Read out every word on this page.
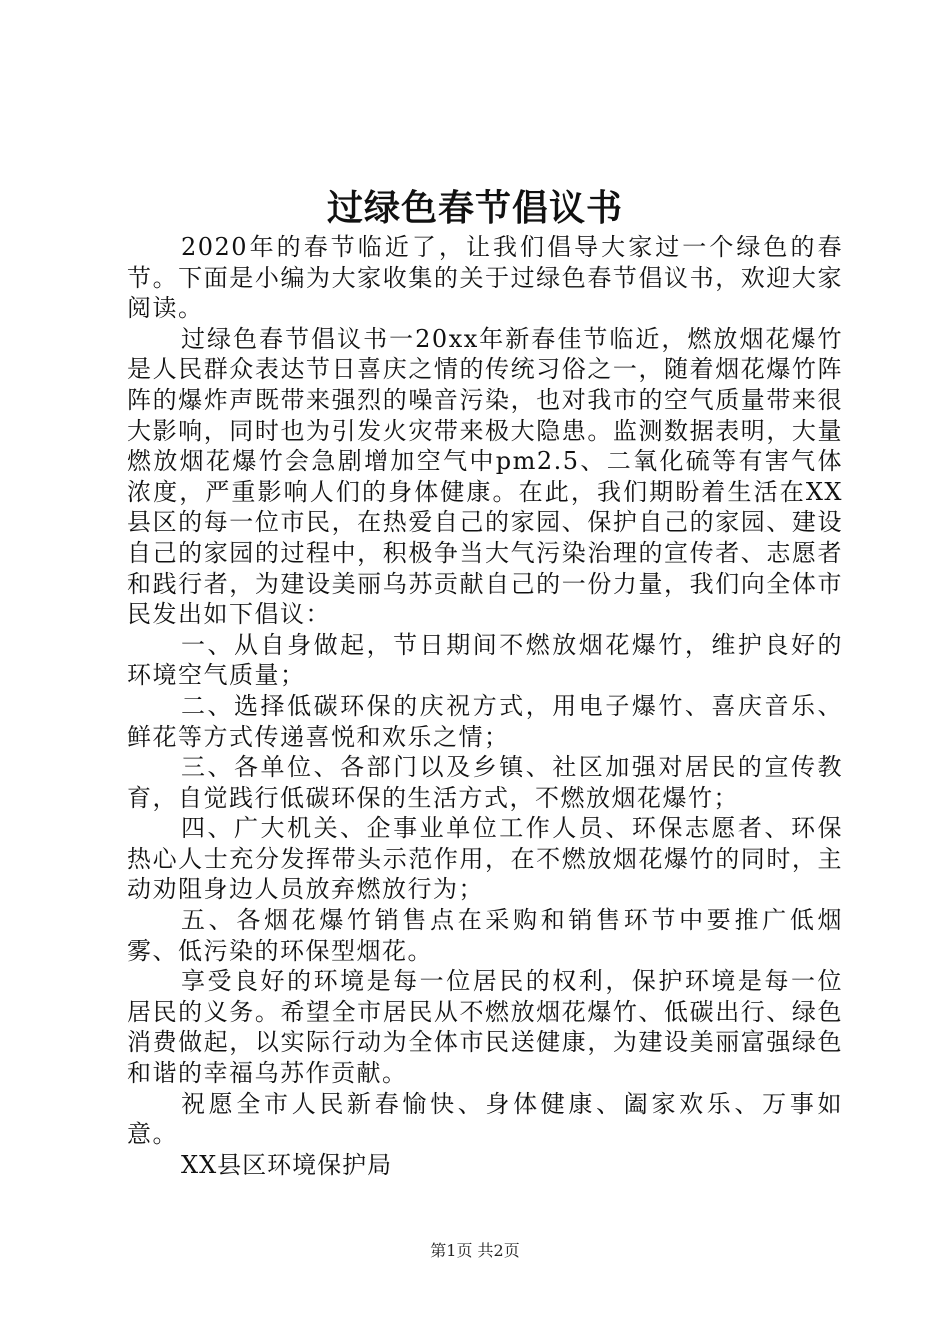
过绿色春节倡议书

2020年的春节临近了，让我们倡导大家过一个绿色的春节。下面是小编为大家收集的关于过绿色春节倡议书，欢迎大家阅读。

过绿色春节倡议书一20xx年新春佳节临近，燃放烟花爆竹是人民群众表达节日喜庆之情的传统习俗之一，随着烟花爆竹阵阵的爆炸声既带来强烈的噪音污染，也对我市的空气质量带来很大影响，同时也为引发火灾带来极大隐患。监测数据表明，大量燃放烟花爆竹会急剧增加空气中pm2.5、二氧化硫等有害气体浓度，严重影响人们的身体健康。在此，我们期盼着生活在XX县区的每一位市民，在热爱自己的家园、保护自己的家园、建设自己的家园的过程中，积极争当大气污染治理的宣传者、志愿者和践行者，为建设美丽乌苏贡献自己的一份力量，我们向全体市民发出如下倡议：

一、从自身做起，节日期间不燃放烟花爆竹，维护良好的环境空气质量；

二、选择低碳环保的庆祝方式，用电子爆竹、喜庆音乐、鲜花等方式传递喜悦和欢乐之情；

三、各单位、各部门以及乡镇、社区加强对居民的宣传教育，自觉践行低碳环保的生活方式，不燃放烟花爆竹；

四、广大机关、企事业单位工作人员、环保志愿者、环保热心人士充分发挥带头示范作用，在不燃放烟花爆竹的同时，主动劝阻身边人员放弃燃放行为；

五、各烟花爆竹销售点在采购和销售环节中要推广低烟雾、低污染的环保型烟花。

享受良好的环境是每一位居民的权利，保护环境是每一位居民的义务。希望全市居民从不燃放烟花爆竹、低碳出行、绿色消费做起，以实际行动为全体市民送健康，为建设美丽富强绿色和谐的幸福乌苏作贡献。

祝愿全市人民新春愉快、身体健康、阖家欢乐、万事如意。

XX县区环境保护局
第1页 共2页
